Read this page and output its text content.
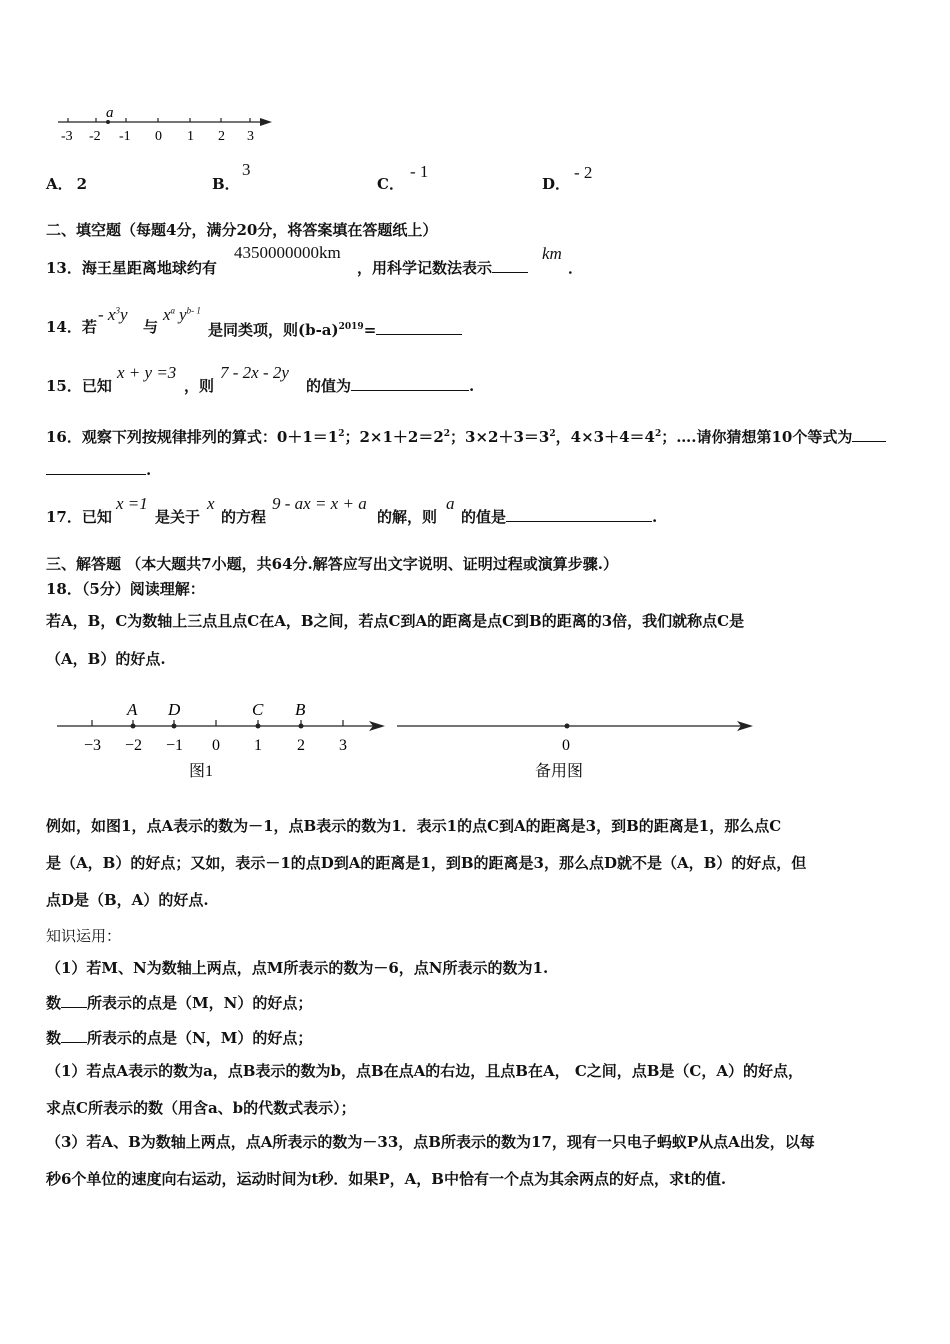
-3 -2 -1 0 1 2 3
a
A． 2	B．
3
C．
- 1
D．
- 2
二、填空题（每题4分，满分20分，将答案填在答题纸上）
13．海王星距离地球约有
4350000000km
，用科学记数法表示
km
．
14．若
- $x^3y$
与
$x^a$ $y^{b- 1}$
是同类项，则$(b-a)^{2019}=$
15．已知
x + y =3
，则
7 - 2x - 2y
的值为	.
16．观察下列按规律排列的算式：$0+1=1^2$；$2\times 1+2=2^2$；$3\times 2+3=3^2$，$4\times 3+4=4^2$；….请你猜想第10个等式为
.
17．已知
x =1
是关于
x
的方程
9 - ax = x + a
的解，则
a
的值是	.
三、解答题 （本大题共7小题，共64分.解答应写出文字说明、证明过程或演算步骤.）
18．（5分）阅读理解：
若A，B，C为数轴上三点且点C在A，B之间，若点C到A的距离是点C到B的距离的3倍，我们就称点C是
（A，B）的好点.
−3 −2 −1 0 1 2 3
A D	C B
图1
0
备用图
例如，如图1，点A表示的数为－1，点B表示的数为1．表示1的点C到A的距离是3，到B的距离是1，那么点C
是（A，B）的好点；又如，表示－1的点D到A的距离是1，到B的距离是3，那么点D就不是（A，B）的好点，但
点D是（B，A）的好点.
知识运用：
（1）若M、N为数轴上两点，点M所表示的数为－6，点N所表示的数为1.
数 所表示的点是（M，N）的好点；
数 所表示的点是（N，M）的好点；
（1）若点A表示的数为a，点B表示的数为b，点B在点A的右边，且点B在A， C之间，点B是（C，A）的好点，
求点C所表示的数（用含a、b的代数式表示）；
（3）若A、B为数轴上两点，点A所表示的数为－33，点B所表示的数为17，现有一只电子蚂蚁P从点A出发，以每
秒6个单位的速度向右运动，运动时间为t秒．如果P，A，B中恰有一个点为其余两点的好点，求t的值.
